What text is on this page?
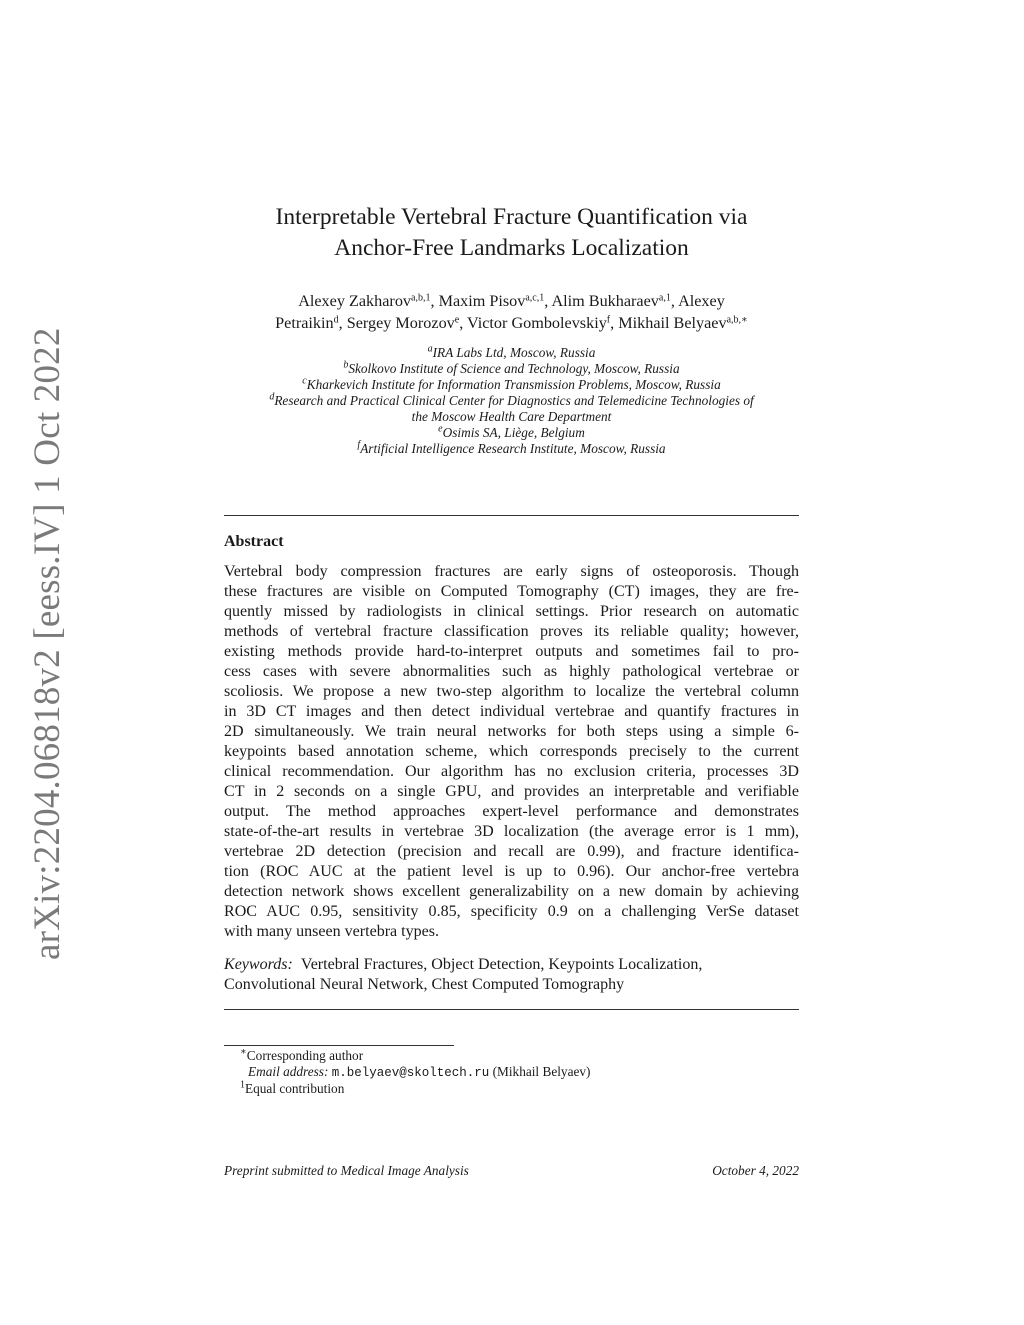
arXiv:2204.06818v2 [eess.IV] 1 Oct 2022
Interpretable Vertebral Fracture Quantification via
Anchor-Free Landmarks Localization
Alexey Zakharov$^{a,b,1}$, Maxim Pisov$^{a,c,1}$, Alim Bukharaev$^{a,1}$, Alexey
Petraikin$^d$, Sergey Morozov$^e$, Victor Gombolevskiy$^f$, Mikhail Belyaev$^{a,b,∗}$
$^a$IRA Labs Ltd, Moscow, Russia
$^b$Skolkovo Institute of Science and Technology, Moscow, Russia
$^c$Kharkevich Institute for Information Transmission Problems, Moscow, Russia
$^d$Research and Practical Clinical Center for Diagnostics and Telemedicine Technologies of
the Moscow Health Care Department
$^e$Osimis SA, Liège, Belgium
$^f$Artificial Intelligence Research Institute, Moscow, Russia
Abstract
Vertebral body compression fractures are early signs of osteoporosis. Though
these fractures are visible on Computed Tomography (CT) images, they are fre-
quently missed by radiologists in clinical settings. Prior research on automatic
methods of vertebral fracture classification proves its reliable quality; however,
existing methods provide hard-to-interpret outputs and sometimes fail to pro-
cess cases with severe abnormalities such as highly pathological vertebrae or
scoliosis. We propose a new two-step algorithm to localize the vertebral column
in 3D CT images and then detect individual vertebrae and quantify fractures in
2D simultaneously. We train neural networks for both steps using a simple 6-
keypoints based annotation scheme, which corresponds precisely to the current
clinical recommendation. Our algorithm has no exclusion criteria, processes 3D
CT in 2 seconds on a single GPU, and provides an interpretable and verifiable
output. The method approaches expert-level performance and demonstrates
state-of-the-art results in vertebrae 3D localization (the average error is 1 mm),
vertebrae 2D detection (precision and recall are 0.99), and fracture identifica-
tion (ROC AUC at the patient level is up to 0.96). Our anchor-free vertebra
detection network shows excellent generalizability on a new domain by achieving
ROC AUC 0.95, sensitivity 0.85, specificity 0.9 on a challenging VerSe dataset
with many unseen vertebra types.
Keywords: Vertebral Fractures, Object Detection, Keypoints Localization,
Convolutional Neural Network, Chest Computed Tomography
∗Corresponding author
Email address: m.belyaev@skoltech.ru (Mikhail Belyaev)
$^1$Equal contribution
Preprint submitted to Medical Image Analysis	October 4, 2022
